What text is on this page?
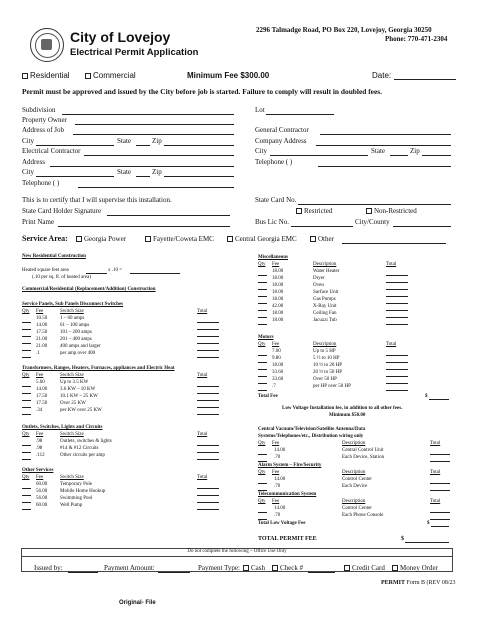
City of Lovejoy
Electrical Permit Application
2296 Talmadge Road, PO Box 220, Lovejoy, Georgia 30250
Phone: 770-471-2304
Residential	Commercial	Minimum Fee $300.00	Date:
Permit must be approved and issued by the City before job is started. Failure to comply will result in doubled fees.
Subdivision
Property Owner
Address of Job
City	State	Zip
Electrical Contractor
Address
City	State	Zip
Telephone ( )
Lot
General Contractor
Company Address
City	State	Zip
Telephone ( )
This is to certify that I will supervise this installation.
State Card Holder Signature
Print Name
State Card No.
Restricted	Non-Restricted
Bus Lic No.	City/County
Service Area:	Georgia Power	Fayette/Coweta EMC	Central Georgia EMC	Other
New Residential Construction
Heated square feet area	x .10 =
(.10 per sq. ft. of heated area)
Commercial/Residential (Replacement/Addition) Construction
Service Panels, Sub Panels Disconnect Switches
Qty Fee	Switch Size	Total
10.50	1 – 60 amps
14.00	61 – 100 amps
17.50	101 – 200 amps
21.00	201 – 400 amps
21.00	400 amps and larger
.1	per amp over 400
Transformers, Ranges, Heaters, Furnaces, appliances and Electric Heat
Qty Fee	Switch Size	Total
5.60	Up to 3.5 KW
14.00	3.6 KW – 10 KW
17.50	10.1 KW – 25 KW
17.50	Over 25 KW
.34	per KW over 25 KW
Outlets, Switches, Lights and Circuits
Qty Fee	Switch Size	Total
.98	Outlets, switches & lights
.98	#14 & #12 Circuits
.112	Other circuits per amp
Other Services
Qty Fee	Switch Size	Total
60.00	Temporary Pole
56.00	Mobile Home Hookup
56.00	Swimming Pool
60.00	Well Pump
Miscellaneous
Qty Fee	Description	Total
18.00	Water Heater
18.00	Dryer
18.00	Oven
18.00	Surface Unit
18.00	Gas Pumps
42.00	X-Ray Unit
18.00	Ceiling Fan
18.00	Jacuzzi Tub
Motors
Qty Fee	Description	Total
7.00	Up to 5 HP
9.80	5 ½ to 10 HP
18.00	10 ½ to 20 HP
33.60	20 ½ to 50 HP
33.60	Over 50 HP
.7	per HP over 50 HP
Total Fee	$
Low Voltage Installation fee, in addition to all other fees.
Minimum $50.00
Central Vacuum/Television/Satellite Antenna/Data
Systems/Telephones/etc., Distribution wiring only
Qty Fee	Description	Total
14.00	Central Control Unit
.70	Each Device, Station
Alarm System – Fire/Security
Qty Fee	Description	Total
14.00	Control Center
.70	Each Device
Telecommunication System
Qty Fee	Description	Total
14.00	Control Center
.70	Each Phone Console
Total Low Voltage Fee	$
TOTAL PERMIT FEE	$
Do not complete the following – Office Use Only
Issued by:	Payment Amount:	Payment Type:	Cash	Check #	Credit Card	Money Order
PERMIT Form B (REV 08/23
Original- File
